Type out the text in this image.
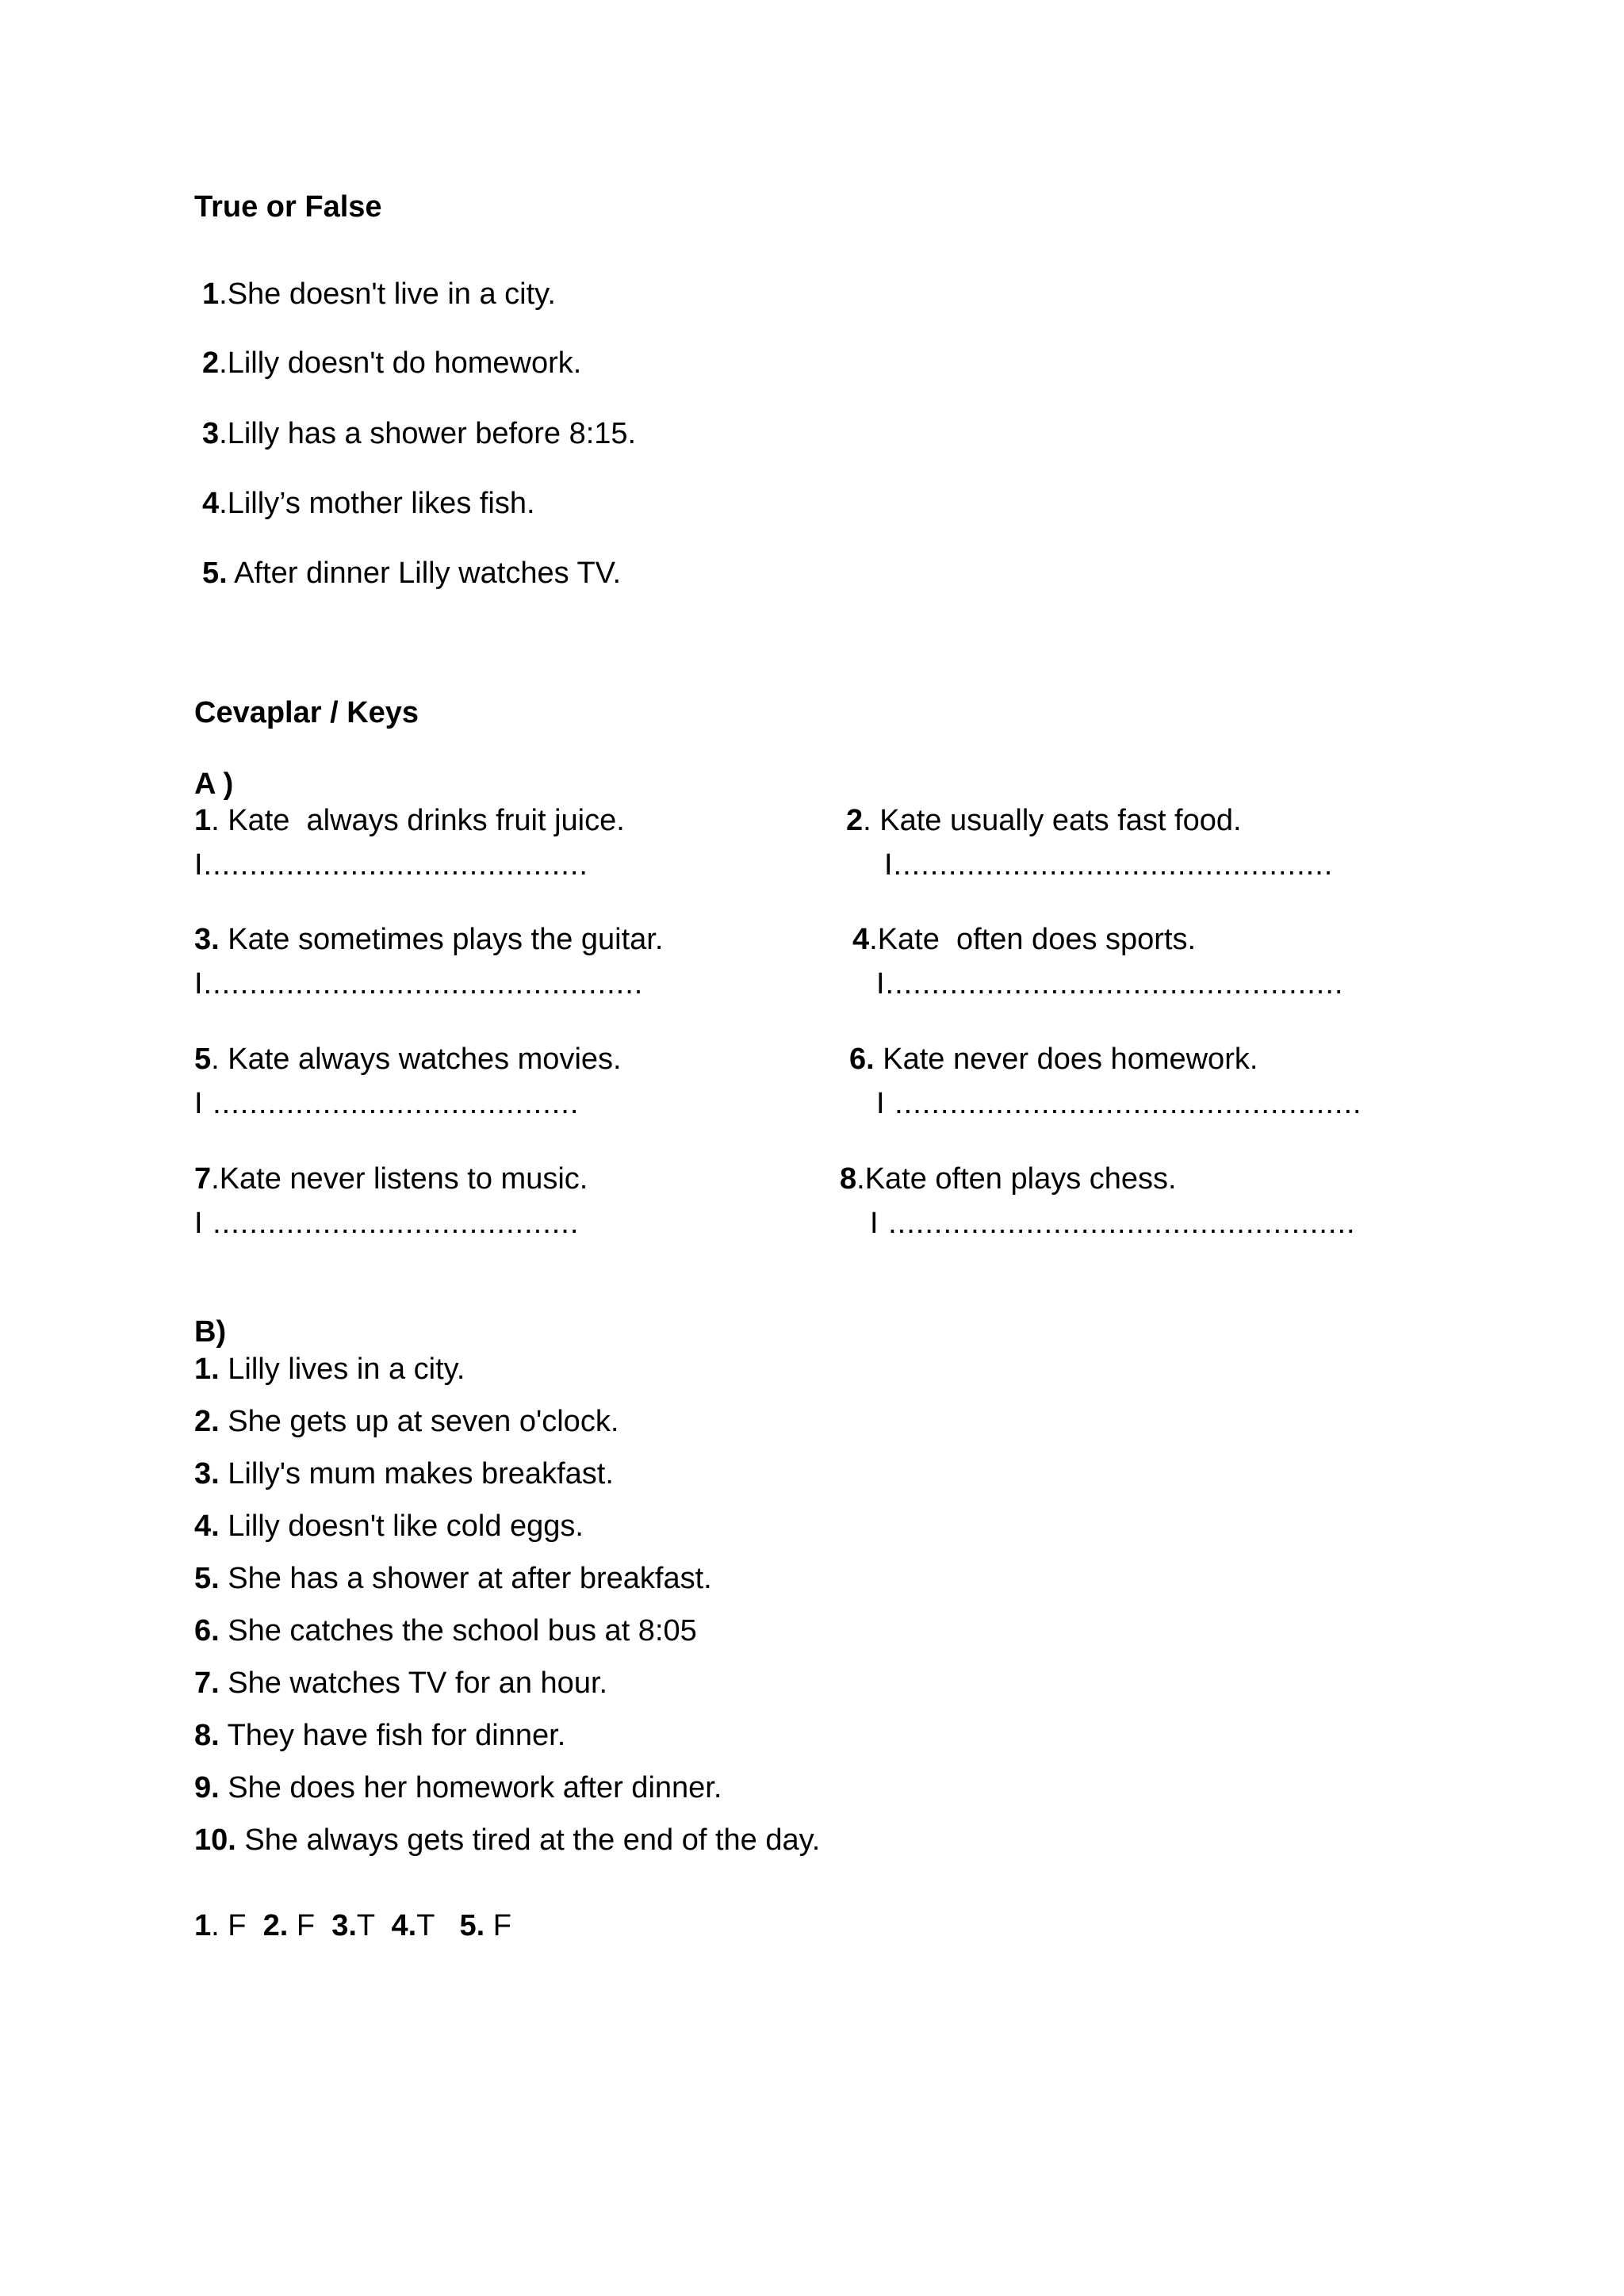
True or False
1.She doesn't live in a city.
2.Lilly doesn't do homework.
3.Lilly has a shower before 8:15.
4.Lilly’s mother likes fish.
5. After dinner Lilly watches TV.
Cevaplar / Keys
A )
1. Kate  always drinks fruit juice.
I..........................................
3. Kate sometimes plays the guitar.
I................................................
5. Kate always watches movies.
I ........................................
7.Kate never listens to music.
I ........................................
2. Kate usually eats fast food.
I................................................
4.Kate  often does sports.
I..................................................
6. Kate never does homework.
I ...................................................
8.Kate often plays chess.
I ...................................................
B)
1. Lilly lives in a city.
2. She gets up at seven o'clock.
3. Lilly's mum makes breakfast.
4. Lilly doesn't like cold eggs.
5. She has a shower at after breakfast.
6. She catches the school bus at 8:05
7. She watches TV for an hour.
8. They have fish for dinner.
9. She does her homework after dinner.
10. She always gets tired at the end of the day.
1. F  2. F  3.T  4.T   5. F
